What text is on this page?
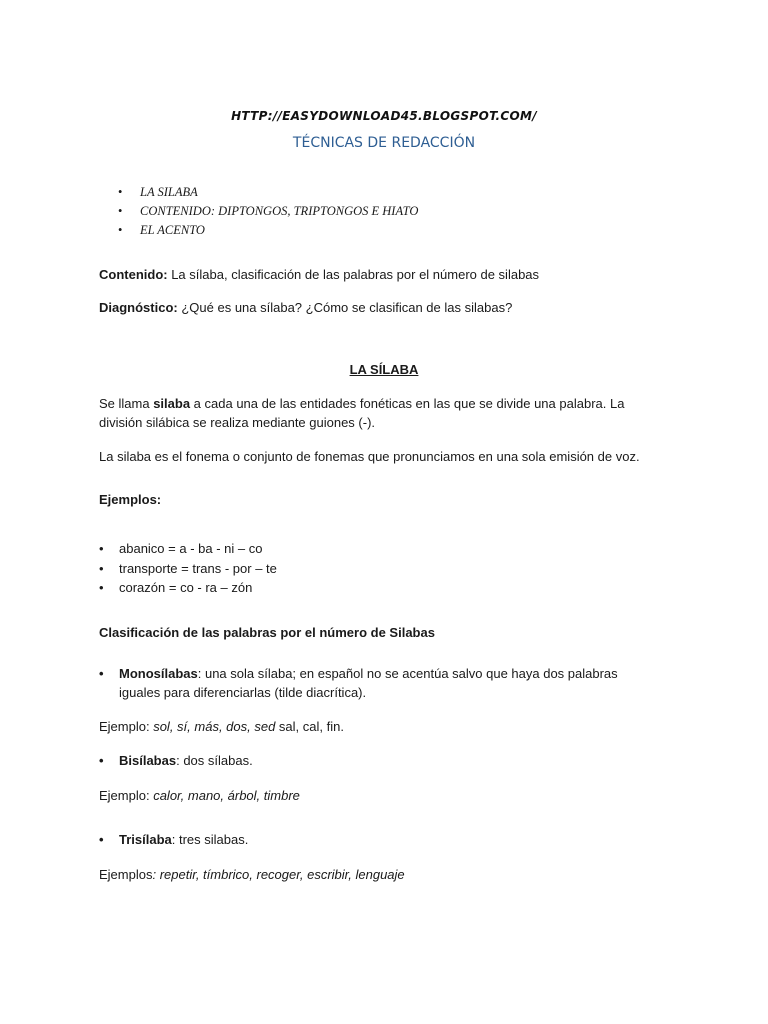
HTTP://EASYDOWNLOAD45.BLOGSPOT.COM/
TÉCNICAS DE REDACCIÓN
• LA SILABA
• CONTENIDO: DIPTONGOS, TRIPTONGOS E HIATO
• EL ACENTO
Contenido: La sílaba, clasificación de las palabras por el número de silabas
Diagnóstico: ¿Qué es una sílaba? ¿Cómo se clasifican de las silabas?
LA SÍLABA
Se llama silaba a cada una de las entidades fonéticas en las que se divide una palabra. La división silábica se realiza mediante guiones (-).
La silaba es el fonema o conjunto de fonemas que pronunciamos en una sola emisión de voz.
Ejemplos:
• abanico = a - ba - ni – co
• transporte = trans - por – te
• corazón = co - ra – zón
Clasificación de las palabras por el número de Silabas
• Monosílabas: una sola sílaba; en español no se acentúa salvo que haya dos palabras iguales para diferenciarlas (tilde diacrítica).
Ejemplo: sol, sí, más, dos, sed sal, cal, fin.
• Bisílabas: dos sílabas.
Ejemplo: calor, mano, árbol, timbre
• Trisílaba: tres silabas.
Ejemplos: repetir, tímbrico, recoger, escribir, lenguaje
